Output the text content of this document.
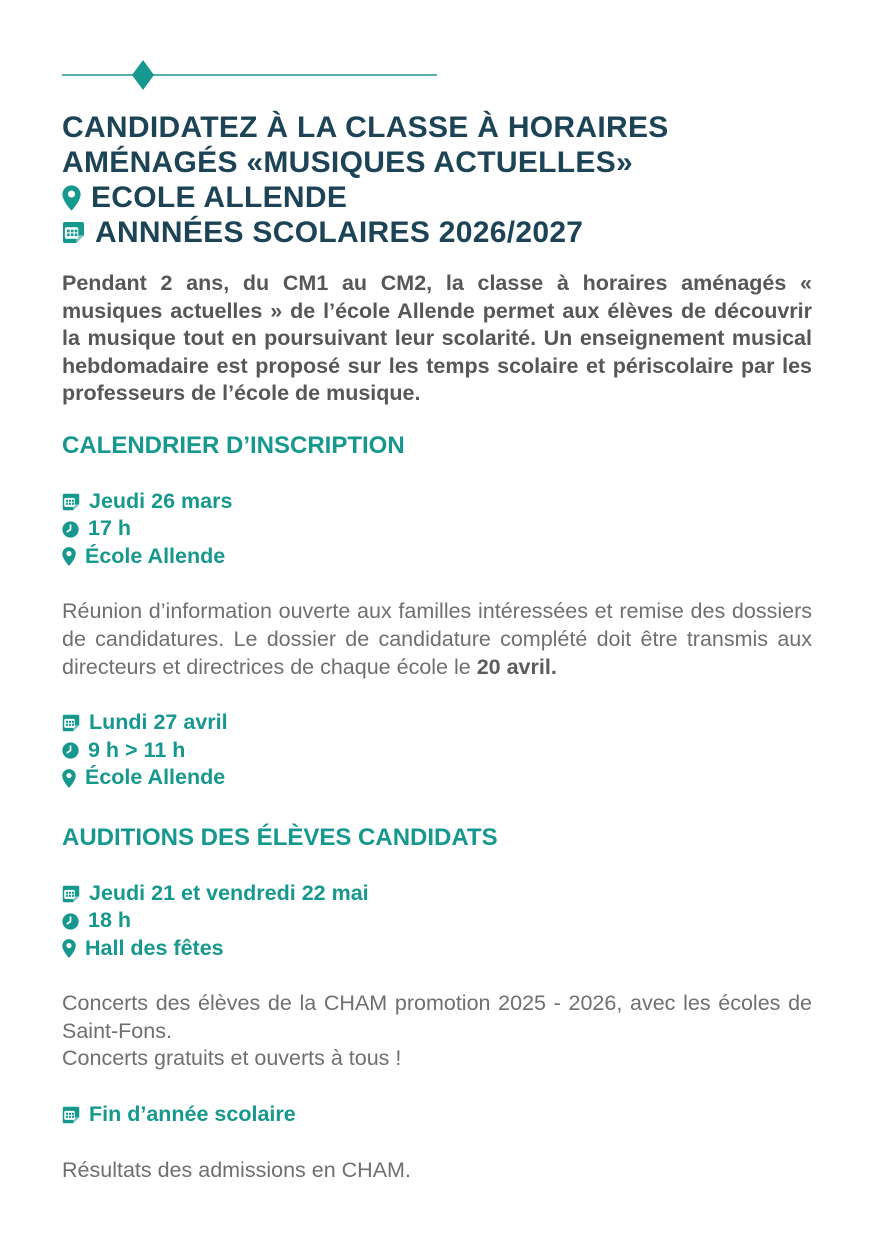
CANDIDATEZ À LA CLASSE À HORAIRES
AMÉNAGÉS «MUSIQUES ACTUELLES»
ECOLE ALLENDE
ANNNÉES SCOLAIRES 2026/2027

Pendant 2 ans, du CM1 au CM2, la classe à horaires aménagés « musiques actuelles » de l’école Allende permet aux élèves de découvrir la musique tout en poursuivant leur scolarité. Un enseignement musical hebdomadaire est proposé sur les temps scolaire et périscolaire par les professeurs de l’école de musique.

CALENDRIER D’INSCRIPTION
Jeudi 26 mars
17 h
École Allende

Réunion d’information ouverte aux familles intéressées et remise des dossiers de candidatures. Le dossier de candidature complété doit être transmis aux directeurs et directrices de chaque école le 20 avril.

Lundi 27 avril
9 h > 11 h
École Allende
AUDITIONS DES ÉLÈVES CANDIDATS
Jeudi 21 et vendredi 22 mai
18 h
Hall des fêtes

Concerts des élèves de la CHAM promotion 2025 - 2026, avec les écoles de Saint-Fons.
Concerts gratuits et ouverts à tous !

Fin d’année scolaire

Résultats des admissions en CHAM.
